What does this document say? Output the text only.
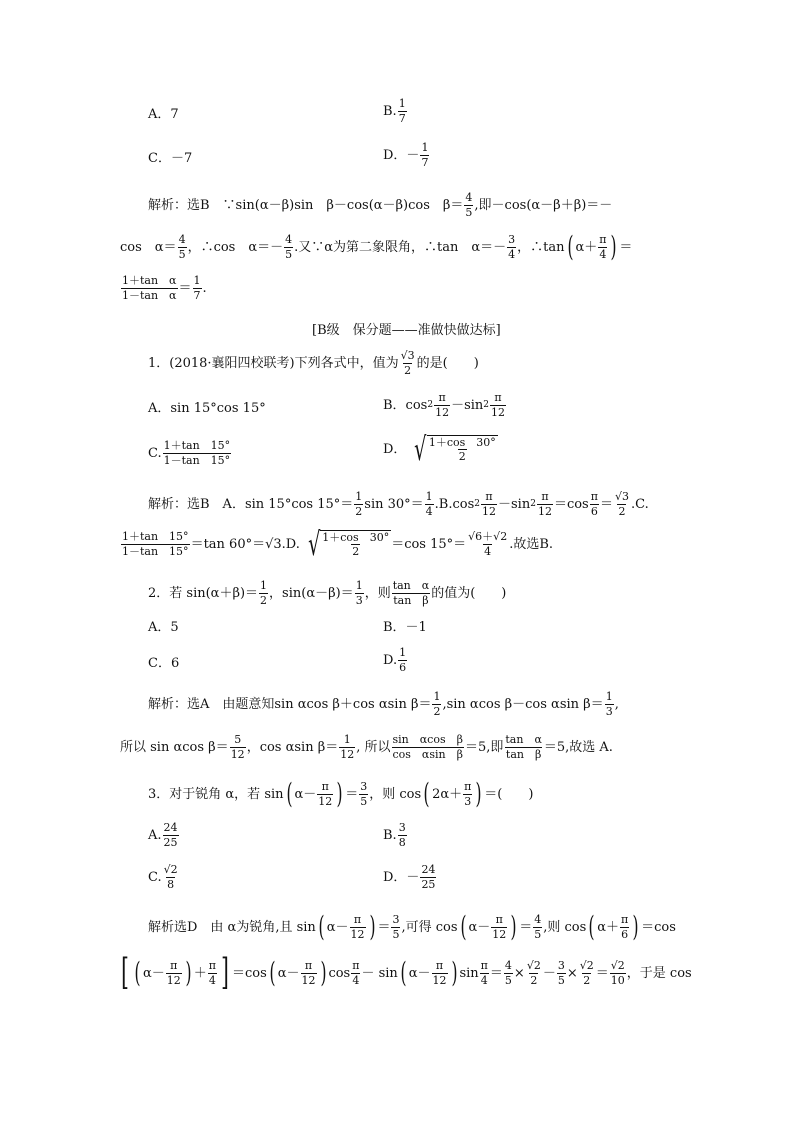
A．7	B. $\frac{1}{7}$
C．－7	D．－ $\frac{1}{7}$
解析：选B　∵sin(α－β)sin　β－cos(α－β)cos　$\beta= \frac{4}{5}$ ,即－cos(α－β＋β)＝－
cos　$\alpha= \frac{4}{5}$ ，∴cos　$\alpha=- \frac{4}{5}$ .又∵α为第二象限角，∴tan　$\alpha=- \frac{3}{4}$ ，∴tan ( $\alpha+ \frac{\pi}{4}$ ) ＝
$\frac{\text{1＋tan　α}}{\text{1－tan　α}} = \frac{1}{7}$ .
[B级　保分题——准做快做达标]
1．(2018·襄阳四校联考)下列各式中，值为 $\frac{√3}{2}$ 的是(　　)
A．sin 15°cos 15°	B．$\cos 2 \frac{\pi}{12} -\sin$ $2 \frac{\pi}{12}$
C. $\frac{1+\tan 15^\circ}{1-\tan 15^\circ}$	D． √ $\frac{1+\cos 30^\circ}{2}$
解析：选B　A．sin 15°cos $15^\circ= \frac{1}{2}$ $\sin 30^\circ= \frac{1}{4} .B.\cos$ $2 \frac{\pi}{12} -\sin$ $2 \frac{\pi}{12} =\cos \frac{\pi}{6} = \frac{√3}{2} .C$.
$\frac{1+\tan 15^\circ}{1-\tan 15^\circ} =\tan$ 60°＝√3.D. √ $\frac{1+\cos 30^\circ}{2} =\cos$ $15^\circ= \frac{√6+√2}{4}$ .故选B.
2．若 $\sin(\alpha+\beta)= \frac{1}{2}$ ，$\sin(\alpha-\beta)= \frac{1}{3}$ ，则 $\frac{\text{tan　α}}{\text{tan　β}}$ 的值为(　　)
A．5	B．－1
C．6	D. $\frac{1}{6}$
解析：选A　由题意知sin αcos β＋cos αsin $\beta= \frac{1}{2} ,\sin$ αcos β－cos αsin $\beta= \frac{1}{3}$ ,
所以 sin αcos $\beta= \frac{5}{12}$ ，cos αsin $\beta= \frac{1}{12}$ , 所以 $\frac{\text{sin　αcos　β}}{\text{cos　αsin　β}} =5$,即 $\frac{\text{tan　α}}{\text{tan　β}} =5$,故选 A.
3．对于锐角 α，若 sin ( $\alpha- \frac{\pi}{12}$ ) ＝ $\frac{3}{5}$ ，则 cos ( $2\alpha+ \frac{\pi}{3}$ ) ＝(　　)
A. $\frac{24}{25}$	B. $\frac{3}{8}$
C. $\frac{√2}{8}$	D．－ $\frac{24}{25}$
解析选D　由 α为锐角,且 sin ( $\alpha- \frac{\pi}{12}$ ) ＝ $\frac{3}{5}$ ,可得 cos ( $\alpha- \frac{\pi}{12}$ ) ＝ $\frac{4}{5}$ ,则 cos ( $\alpha+ \frac{\pi}{6}$ ) ＝cos
[ ( $\alpha- \frac{\pi}{12}$ ) ＋ $\frac{\pi}{4}$ ] ＝cos ( $\alpha- \frac{\pi}{12}$ ) $\cos \frac{\pi}{4} - \sin$ ( $\alpha- \frac{\pi}{12}$ ) $\sin \frac{\pi}{4} = \frac{4}{5} \times \frac{√2}{2} - \frac{3}{5} \times \frac{√2}{2} = \frac{√2}{10}$ ，于是 cos
